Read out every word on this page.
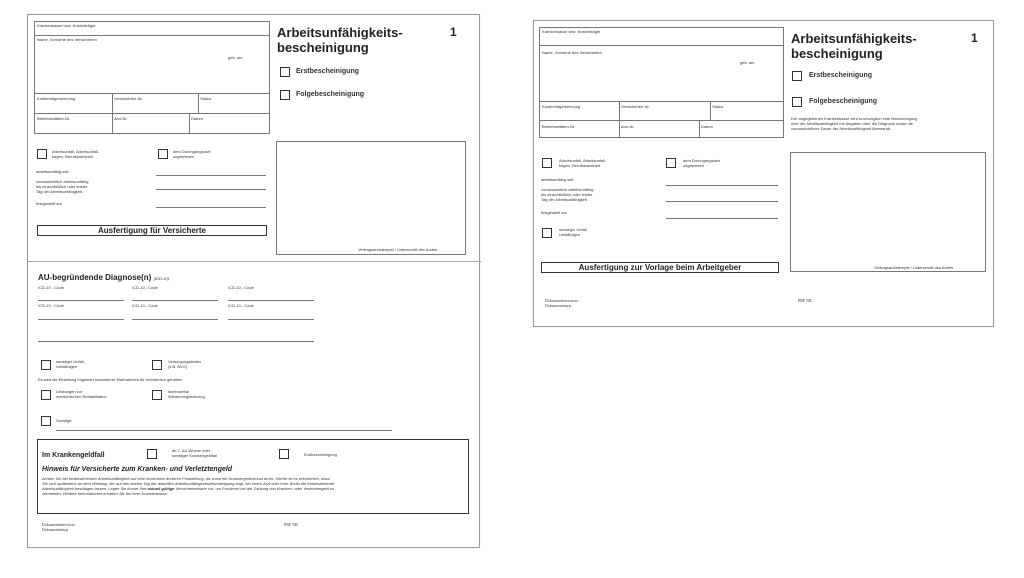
Krankenkasse bzw. Kostenträger
Name, Vorname des Versicherten
geb. am
Kostenträgerkennung	Versicherten-Nr.	Status
Betriebsstätten-Nr.	Arzt-Nr.	Datum
Arbeitsunfähigkeits-
bescheinigung
1
Erstbescheinigung
Folgebescheinigung
Arbeitsunfall, Arbeitsunfall-
folgen, Berufskrankheit
dem Durchgangsarzt
zugewiesen
arbeitsunfähig seit
voraussichtlich arbeitsunfähig
bis einschließlich oder letzter
Tag der Arbeitsunfähigkeit
festgestellt am
Ausfertigung für Versicherte
Vertragsarztstempel / Unterschrift des Arztes
AU-begründende Diagnose(n) (ICD-10)
ICD-10 - Code	ICD-10 - Code	ICD-10 - Code
ICD-10 - Code	ICD-10 - Code	ICD-10 - Code
sonstiger Unfall,
Unfallfolgen
Versorgungsleiden
(z.B. BVG)
Es wird die Einleitung folgender besonderer Maßnahmen für erforderlich gehalten
Leistungen zur
medizinischen Rehabilitation
stufenweise
Wiedereingliederung
Sonstige
Im Krankengeldfall
ab 7. AU-Woche oder
sonstiger Krankengeldfall	Endbescheinigung
Hinweis für Versicherte zum Kranken- und Verletztengeld
Achten Sie bei fortbestehender Arbeitsunfähigkeit auf eine lückenlose ärztliche Feststellung, da sonst ein Krankengeldverlust droht. Hierfür ist es erforderlich, dass
Sie sich spätestens an dem Werktag, der auf den letzten Tag der aktuellen Arbeitsunfähigkeitsbescheinigung folgt, bei Ihrem Arzt oder Ihrer Ärztin die fortbestehende
Arbeitsunfähigkeit bestätigen lassen. Legen Sie immer Ihre aktuell gültige Versichertenkarte vor, um Probleme bei der Zahlung von Kranken- oder Verletztengeld zu
vermeiden. Weitere Informationen erhalten Sie bei Ihrer Krankenkasse.
Dokumentenversion:
Dokumententyp:
PRF NR.
Krankenkasse bzw. Kostenträger
Name, Vorname des Versicherten
geb. am
Kostenträgerkennung	Versicherten-Nr.	Status
Betriebsstätten-Nr.	Arzt-Nr.	Datum
Arbeitsunfähigkeits-
bescheinigung
1
Erstbescheinigung
Folgebescheinigung
Der angegebenen Krankenkasse wird unverzüglich eine Bescheinigung
über die Arbeitsunfähigkeit mit Angaben über die Diagnose sowie die
voraussichtliche Dauer der Arbeitsunfähigkeit übersandt.
Arbeitsunfall, Arbeitsunfall-
folgen, Berufskrankheit
dem Durchgangsarzt
zugewiesen
arbeitsunfähig seit
voraussichtlich arbeitsunfähig
bis einschließlich oder letzter
Tag der Arbeitsunfähigkeit
festgestellt am
sonstiger Unfall,
Unfallfolgen
Ausfertigung zur Vorlage beim Arbeitgeber	Vertragsarztstempel / Unterschrift des Arztes
Dokumentenversion:
Dokumententyp:
PRF NR.
